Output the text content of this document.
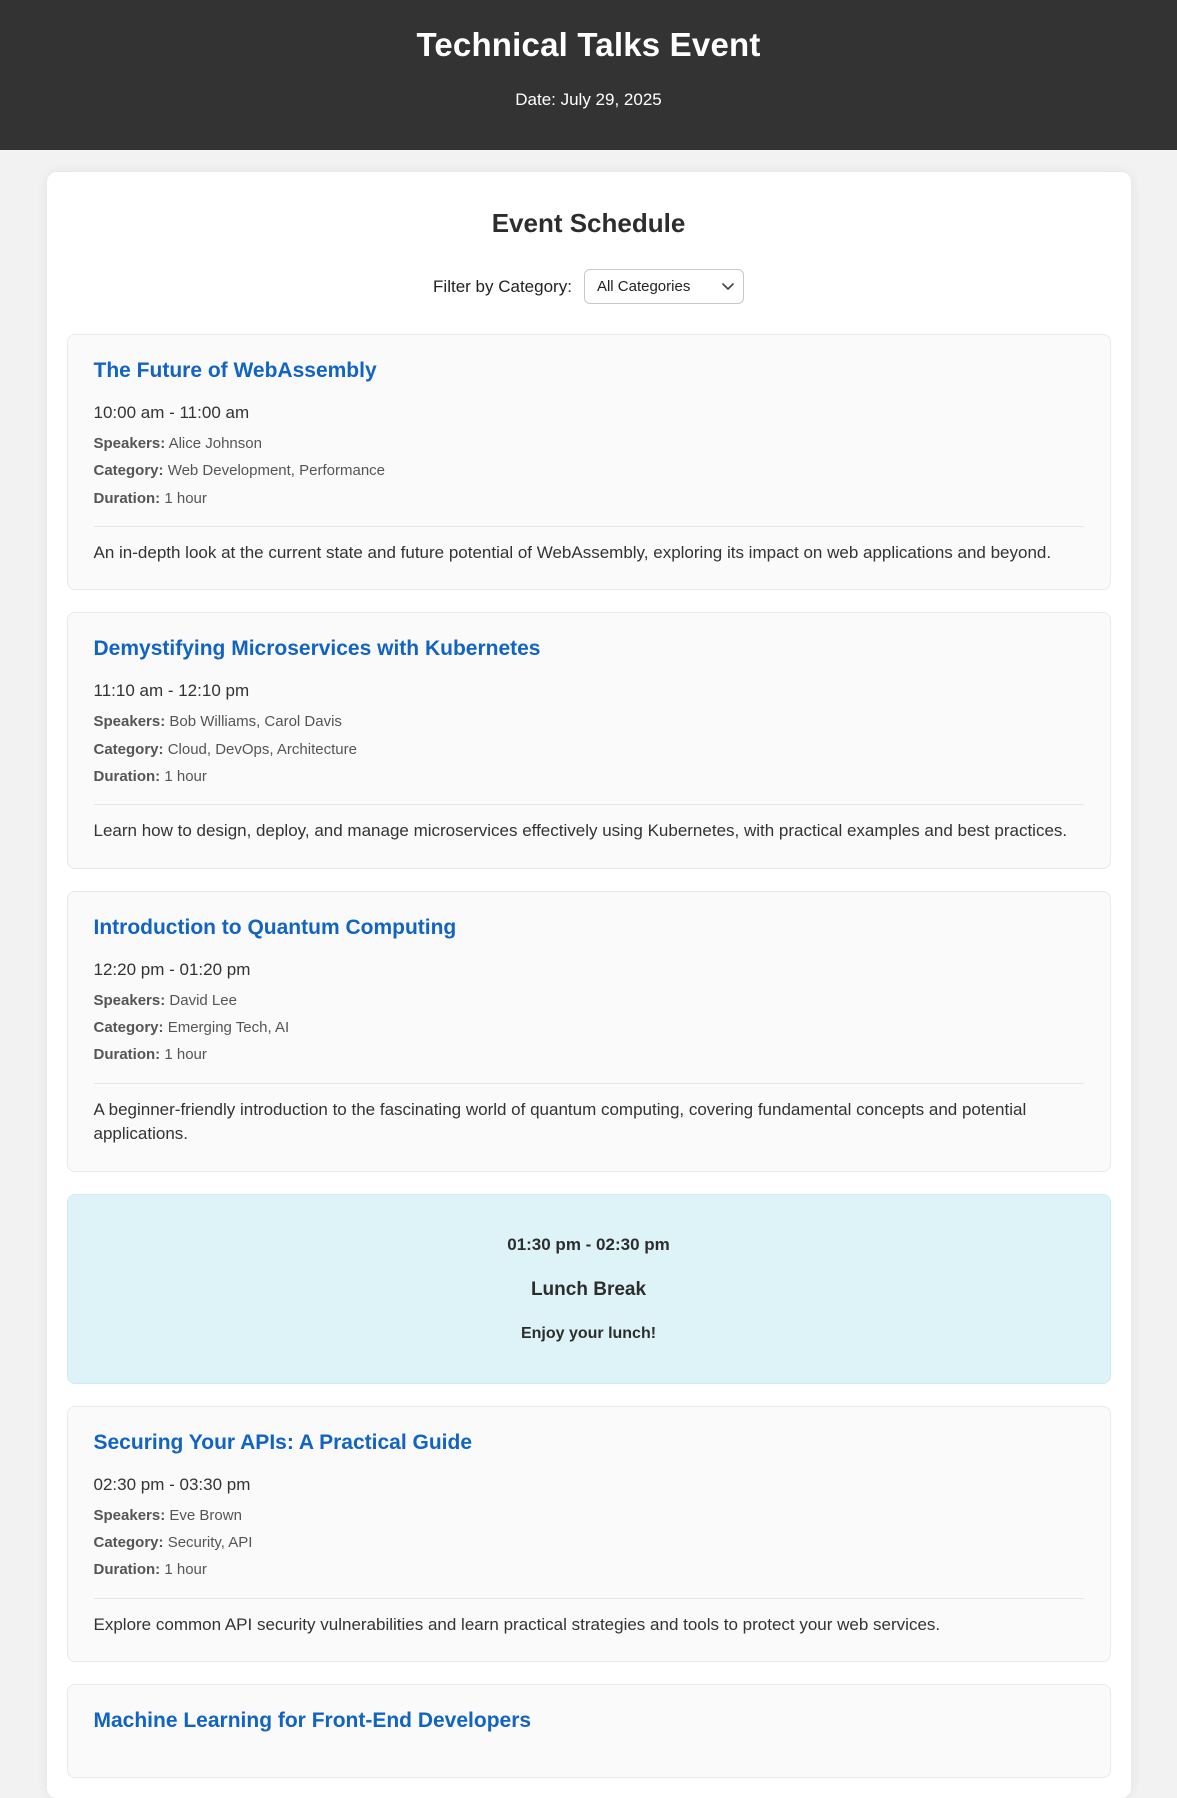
Technical Talks Event

Date: July 29, 2025

Event Schedule
Filter by Category:
All Categories
The Future of WebAssembly

10:00 am - 11:00 am

Speakers: Alice Johnson

Category: Web Development, Performance

Duration: 1 hour

An in-depth look at the current state and future potential of WebAssembly, exploring its impact on web applications and beyond.

Demystifying Microservices with Kubernetes

11:10 am - 12:10 pm

Speakers: Bob Williams, Carol Davis

Category: Cloud, DevOps, Architecture

Duration: 1 hour

Learn how to design, deploy, and manage microservices effectively using Kubernetes, with practical examples and best practices.

Introduction to Quantum Computing

12:20 pm - 01:20 pm

Speakers: David Lee

Category: Emerging Tech, AI

Duration: 1 hour

A beginner-friendly introduction to the fascinating world of quantum computing, covering fundamental concepts and potential applications.

01:30 pm - 02:30 pm

Lunch Break

Enjoy your lunch!

Securing Your APIs: A Practical Guide

02:30 pm - 03:30 pm

Speakers: Eve Brown

Category: Security, API

Duration: 1 hour

Explore common API security vulnerabilities and learn practical strategies and tools to protect your web services.

Machine Learning for Front-End Developers
